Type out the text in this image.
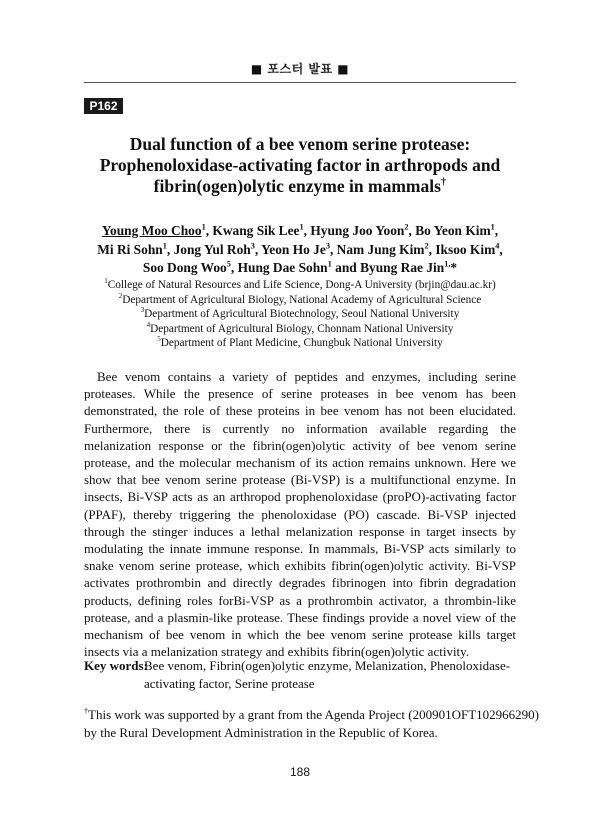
■ 포스터 발표 ■
P162
Dual function of a bee venom serine protease:
Prophenoloxidase-activating factor in arthropods and
fibrin(ogen)olytic enzyme in mammals†
Young Moo Choo$^1$, Kwang Sik Lee$^1$, Hyung Joo Yoon$^2$, Bo Yeon Kim$^1$,
Mi Ri Sohn$^1$, Jong Yul Roh$^3$, Yeon Ho Je$^3$, Nam Jung Kim$^2$, Iksoo Kim$^4$,
Soo Dong Woo$^5$, Hung Dae Sohn$^1$ and Byung Rae Jin$^{1,}$*
$^1$College of Natural Resources and Life Science, Dong-A University (brjin@dau.ac.kr)
$^2$Department of Agricultural Biology, National Academy of Agricultural Science
$^3$Department of Agricultural Biotechnology, Seoul National University
$^4$Department of Agricultural Biology, Chonnam National University
$^5$Department of Plant Medicine, Chungbuk National University

Bee venom contains a variety of peptides and enzymes, including serine proteases. While the presence of serine proteases in bee venom has been demonstrated, the role of these proteins in bee venom has not been elucidated. Furthermore, there is currently no information available regarding the melanization response or the fibrin(ogen)olytic activity of bee venom serine protease, and the molecular mechanism of its action remains unknown. Here we show that bee venom serine protease (Bi-VSP) is a multifunctional enzyme. In insects, Bi-VSP acts as an arthropod prophenoloxidase (proPO)-activating factor (PPAF), thereby triggering the phenoloxidase (PO) cascade. Bi-VSP injected through the stinger induces a lethal melanization response in target insects by modulating the innate immune response. In mammals, Bi-VSP acts similarly to snake venom serine protease, which exhibits fibrin(ogen)olytic activity. Bi-VSP activates prothrombin and directly degrades fibrinogen into fibrin degradation products, defining roles forBi-VSP as a prothrombin activator, a thrombin-like protease, and a plasmin-like protease. These findings provide a novel view of the mechanism of bee venom in which the bee venom serine protease kills target insects via a melanization strategy and exhibits fibrin(ogen)olytic activity.

Key words:
Bee venom, Fibrin(ogen)olytic enzyme, Melanization, Phenoloxidase-activating factor, Serine protease
†This work was supported by a grant from the Agenda Project (200901OFT102966290)
by the Rural Development Administration in the Republic of Korea.
188
